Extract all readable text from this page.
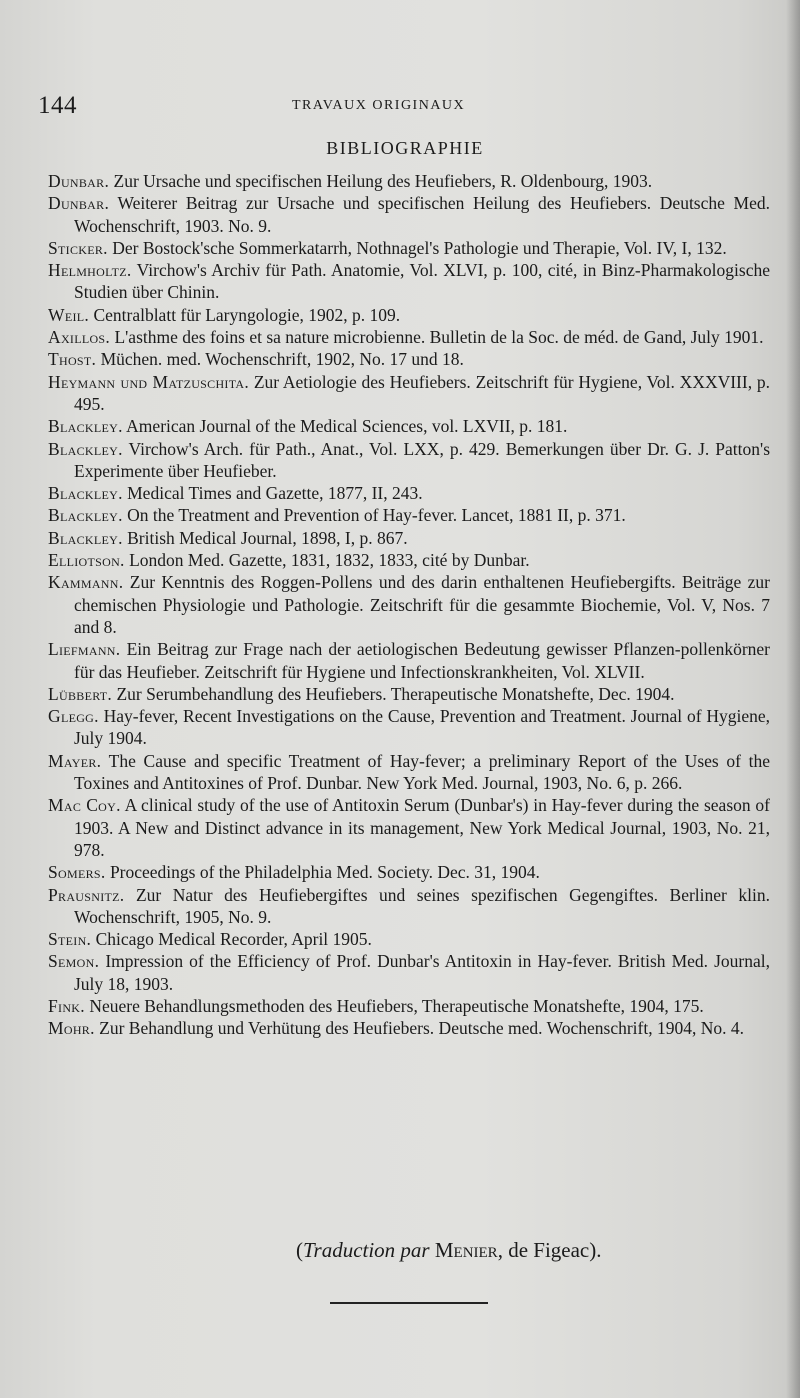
144	TRAVAUX ORIGINAUX
BIBLIOGRAPHIE

Dunbar. Zur Ursache und specifischen Heilung des Heufiebers, R. Oldenbourg, 1903.

Dunbar. Weiterer Beitrag zur Ursache und specifischen Heilung des Heufiebers. Deutsche Med. Wochenschrift, 1903. No. 9.

Sticker. Der Bostock'sche Sommerkatarrh, Nothnagel's Pathologie und Therapie, Vol. IV, I, 132.

Helmholtz. Virchow's Archiv für Path. Anatomie, Vol. XLVI, p. 100, cité, in Binz-Pharmakologische Studien über Chinin.

Weil. Centralblatt für Laryngologie, 1902, p. 109.

Axillos. L'asthme des foins et sa nature microbienne. Bulletin de la Soc. de méd. de Gand, July 1901.

Thost. Müchen. med. Wochenschrift, 1902, No. 17 und 18.

Heymann und Matzuschita. Zur Aetiologie des Heufiebers. Zeitschrift für Hygiene, Vol. XXXVIII, p. 495.

Blackley. American Journal of the Medical Sciences, vol. LXVII, p. 181.

Blackley. Virchow's Arch. für Path., Anat., Vol. LXX, p. 429. Bemerkungen über Dr. G. J. Patton's Experimente über Heufieber.

Blackley. Medical Times and Gazette, 1877, II, 243.

Blackley. On the Treatment and Prevention of Hay-fever. Lancet, 1881 II, p. 371.

Blackley. British Medical Journal, 1898, I, p. 867.

Elliotson. London Med. Gazette, 1831, 1832, 1833, cité by Dunbar.

Kammann. Zur Kenntnis des Roggen-Pollens und des darin enthaltenen Heufiebergifts. Beiträge zur chemischen Physiologie und Pathologie. Zeitschrift für die gesammte Biochemie, Vol. V, Nos. 7 and 8.

Liefmann. Ein Beitrag zur Frage nach der aetiologischen Bedeutung gewisser Pflanzen-pollenkörner für das Heufieber. Zeitschrift für Hygiene und Infectionskrankheiten, Vol. XLVII.

Lübbert. Zur Serumbehandlung des Heufiebers. Therapeutische Monatshefte, Dec. 1904.

Glegg. Hay-fever, Recent Investigations on the Cause, Prevention and Treatment. Journal of Hygiene, July 1904.

Mayer. The Cause and specific Treatment of Hay-fever; a preliminary Report of the Uses of the Toxines and Antitoxines of Prof. Dunbar. New York Med. Journal, 1903, No. 6, p. 266.

Mac Coy. A clinical study of the use of Antitoxin Serum (Dunbar's) in Hay-fever during the season of 1903. A New and Distinct advance in its management, New York Medical Journal, 1903, No. 21, 978.

Somers. Proceedings of the Philadelphia Med. Society. Dec. 31, 1904.

Prausnitz. Zur Natur des Heufiebergiftes und seines spezifischen Gegengiftes. Berliner klin. Wochenschrift, 1905, No. 9.

Stein. Chicago Medical Recorder, April 1905.

Semon. Impression of the Efficiency of Prof. Dunbar's Antitoxin in Hay-fever. British Med. Journal, July 18, 1903.

Fink. Neuere Behandlungsmethoden des Heufiebers, Therapeutische Monatshefte, 1904, 175.

Mohr. Zur Behandlung und Verhütung des Heufiebers. Deutsche med. Wochenschrift, 1904, No. 4.

(Traduction par Menier, de Figeac).
